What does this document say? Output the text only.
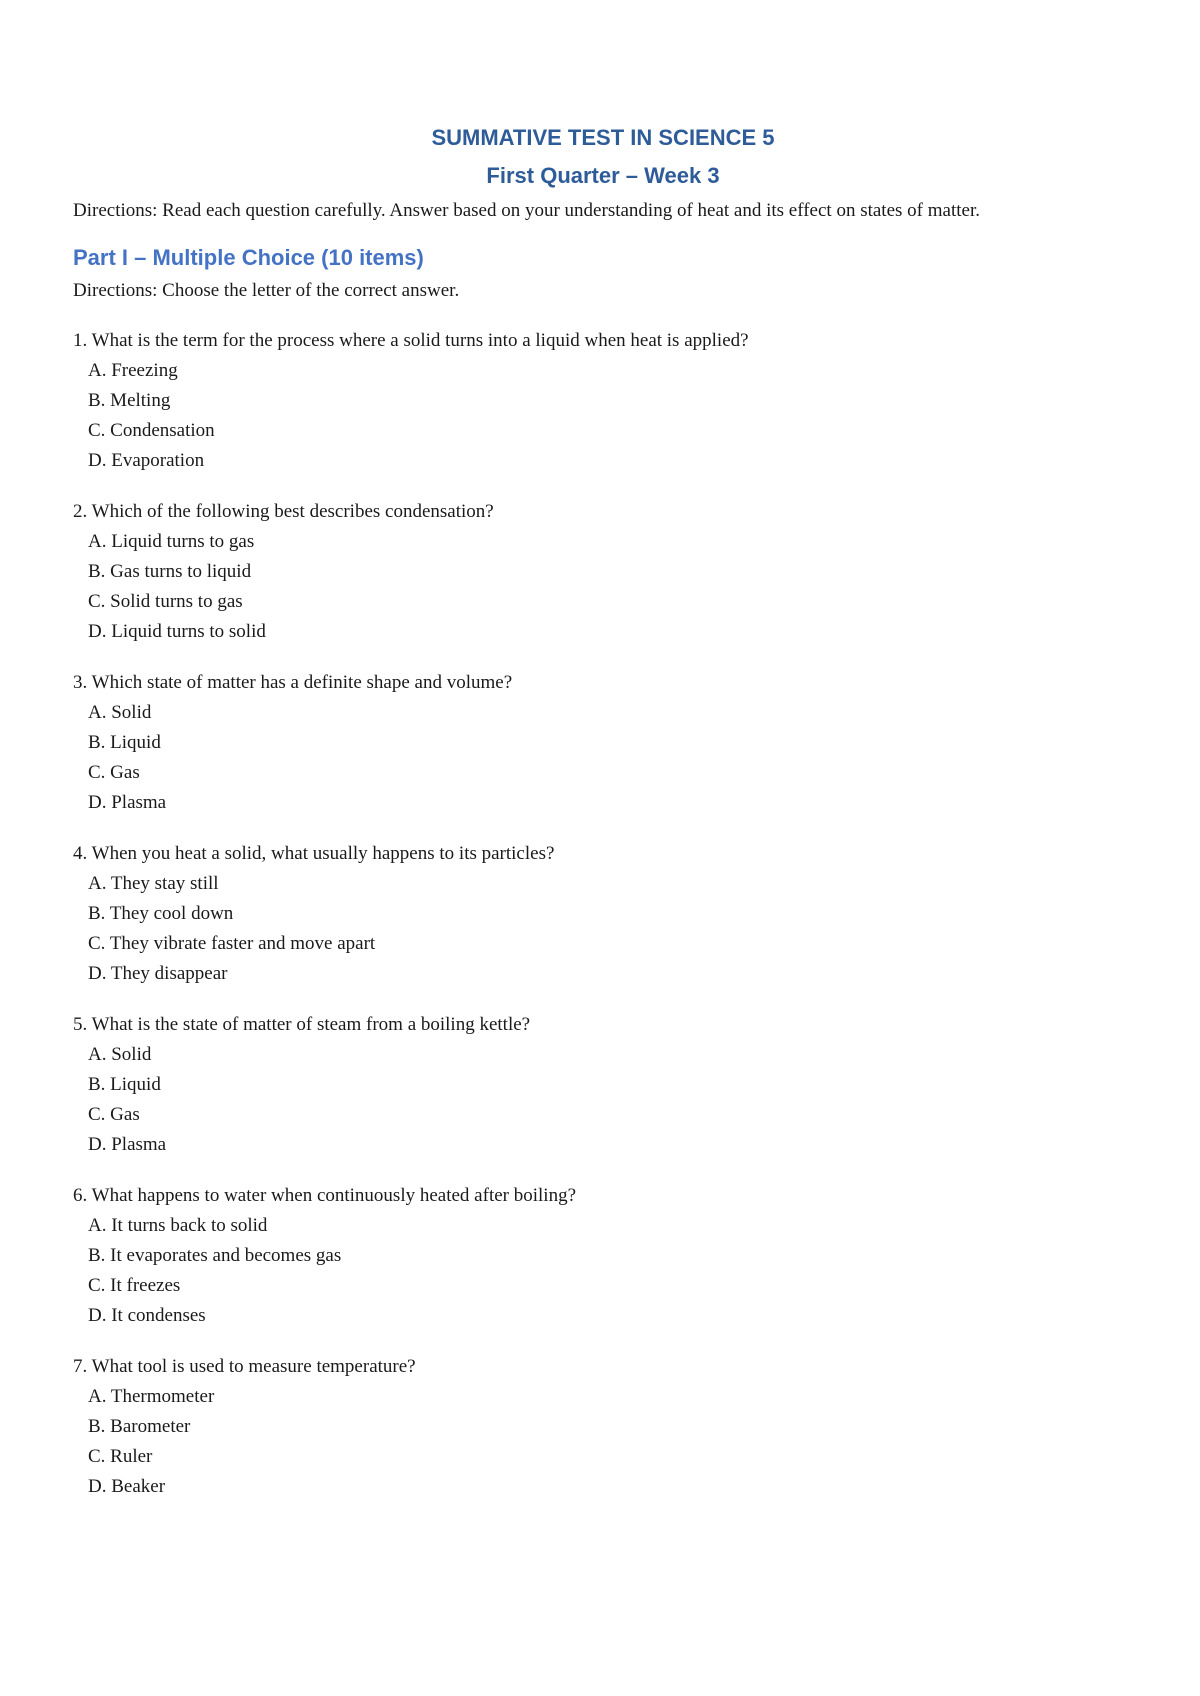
SUMMATIVE TEST IN SCIENCE 5
First Quarter – Week 3

Directions: Read each question carefully. Answer based on your understanding of heat and its effect on states of matter.

Part I – Multiple Choice (10 items)

Directions: Choose the letter of the correct answer.

1. What is the term for the process where a solid turns into a liquid when heat is applied?

A. Freezing
B. Melting
C. Condensation
D. Evaporation

2. Which of the following best describes condensation?

A. Liquid turns to gas
B. Gas turns to liquid
C. Solid turns to gas
D. Liquid turns to solid

3. Which state of matter has a definite shape and volume?

A. Solid
B. Liquid
C. Gas
D. Plasma

4. When you heat a solid, what usually happens to its particles?

A. They stay still
B. They cool down
C. They vibrate faster and move apart
D. They disappear

5. What is the state of matter of steam from a boiling kettle?

A. Solid
B. Liquid
C. Gas
D. Plasma

6. What happens to water when continuously heated after boiling?

A. It turns back to solid
B. It evaporates and becomes gas
C. It freezes
D. It condenses

7. What tool is used to measure temperature?

A. Thermometer
B. Barometer
C. Ruler
D. Beaker
